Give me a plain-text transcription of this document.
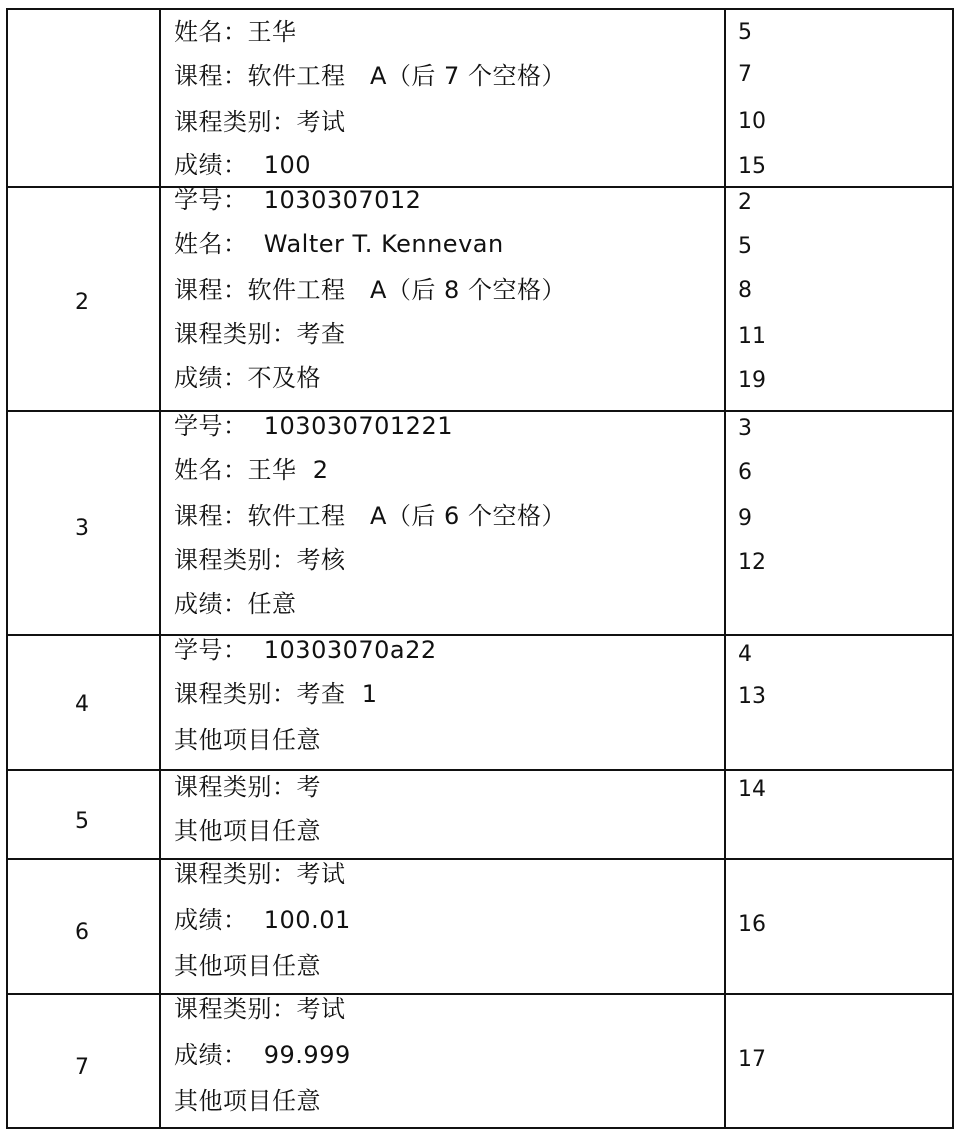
姓名：王华
课程：软件工程　A（后 7 个空格）
课程类别：考试
成绩：  100
5
7
10
15
2
学号：  1030307012
姓名：  Walter T. Kennevan
课程：软件工程　A（后 8 个空格）
课程类别：考查
成绩：不及格
2
5
8
11
19
3
学号：  103030701221
姓名：王华  2
课程：软件工程　A（后 6 个空格）
课程类别：考核
成绩：任意
3
6
9
12
4
学号：  10303070a22
课程类别：考查  1
其他项目任意
4
13
5
课程类别：考
其他项目任意
14
6
课程类别：考试
成绩：  100.01
其他项目任意
16
7
课程类别：考试
成绩：  99.999
其他项目任意
17
